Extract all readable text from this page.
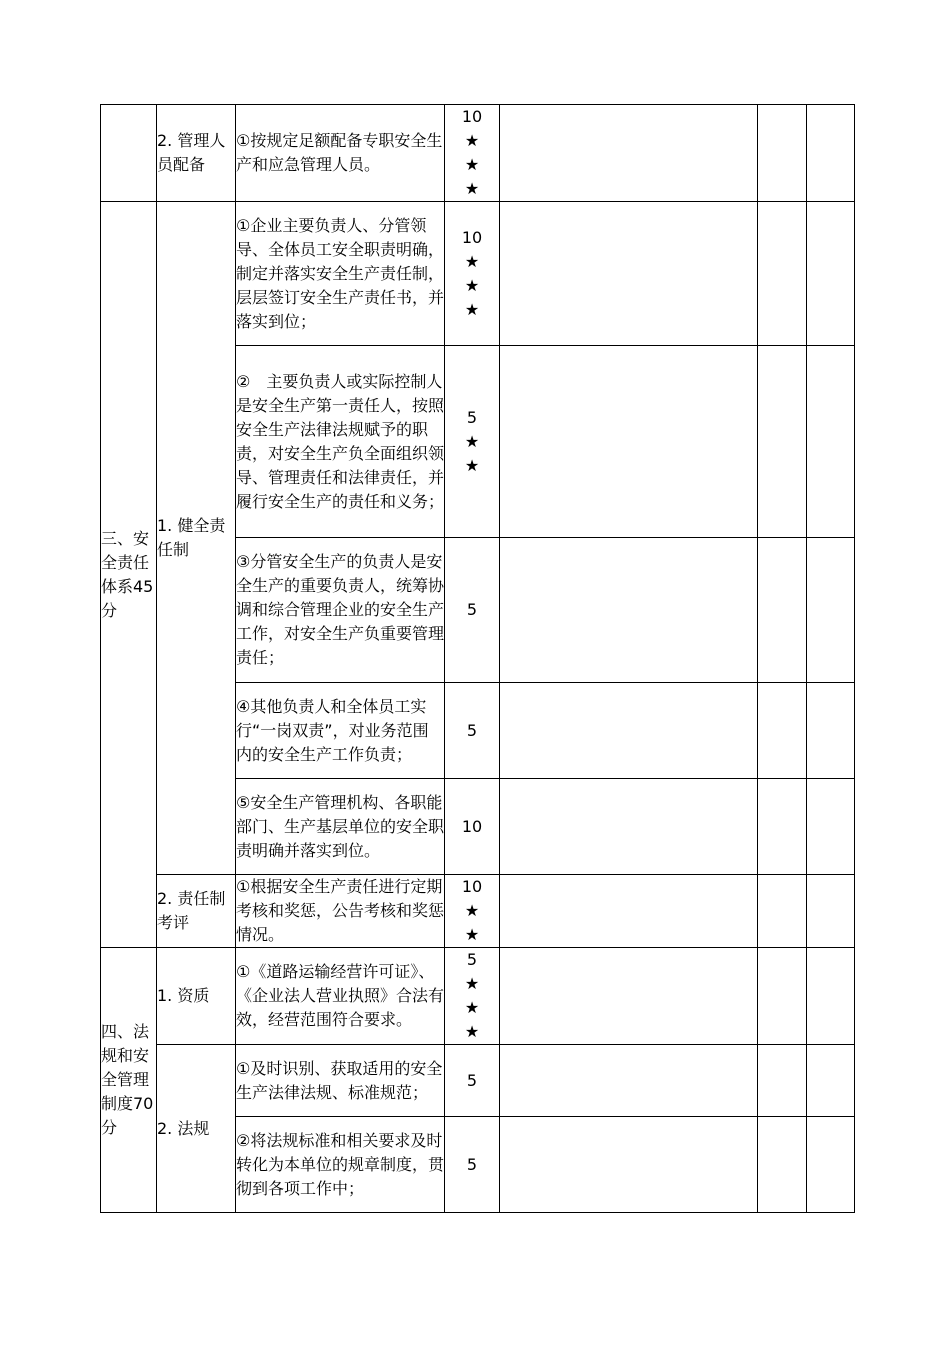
	2. 管理人员配备	①按规定足额配备专职安全生产和应急管理人员。	10
★
★
★			

三、安全责任体系45分	1. 健全责任制	①企业主要负责人、分管领导、全体员工安全职责明确，制定并落实安全生产责任制，层层签订安全生产责任书，并落实到位；	10
★
★
★			

		②　主要负责人或实际控制人是安全生产第一责任人，按照安全生产法律法规赋予的职责，对安全生产负全面组织领导、管理责任和法律责任，并履行安全生产的责任和义务；	5
★
★			

		③分管安全生产的负责人是安全生产的重要负责人，统筹协调和综合管理企业的安全生产工作，对安全生产负重要管理责任；	5			

		④其他负责人和全体员工实行“一岗双责”，对业务范围内的安全生产工作负责；	5			

		⑤安全生产管理机构、各职能部门、生产基层单位的安全职责明确并落实到位。	10			

	2. 责任制考评	①根据安全生产责任进行定期考核和奖惩，公告考核和奖惩情况。	10
★
★			

四、法规和安全管理制度70分	1. 资质	①《道路运输经营许可证》、《企业法人营业执照》合法有效，经营范围符合要求。	5
★
★
★			

	2. 法规	①及时识别、获取适用的安全生产法律法规、标准规范；	5			

		②将法规标准和相关要求及时转化为本单位的规章制度，贯彻到各项工作中；	5			
